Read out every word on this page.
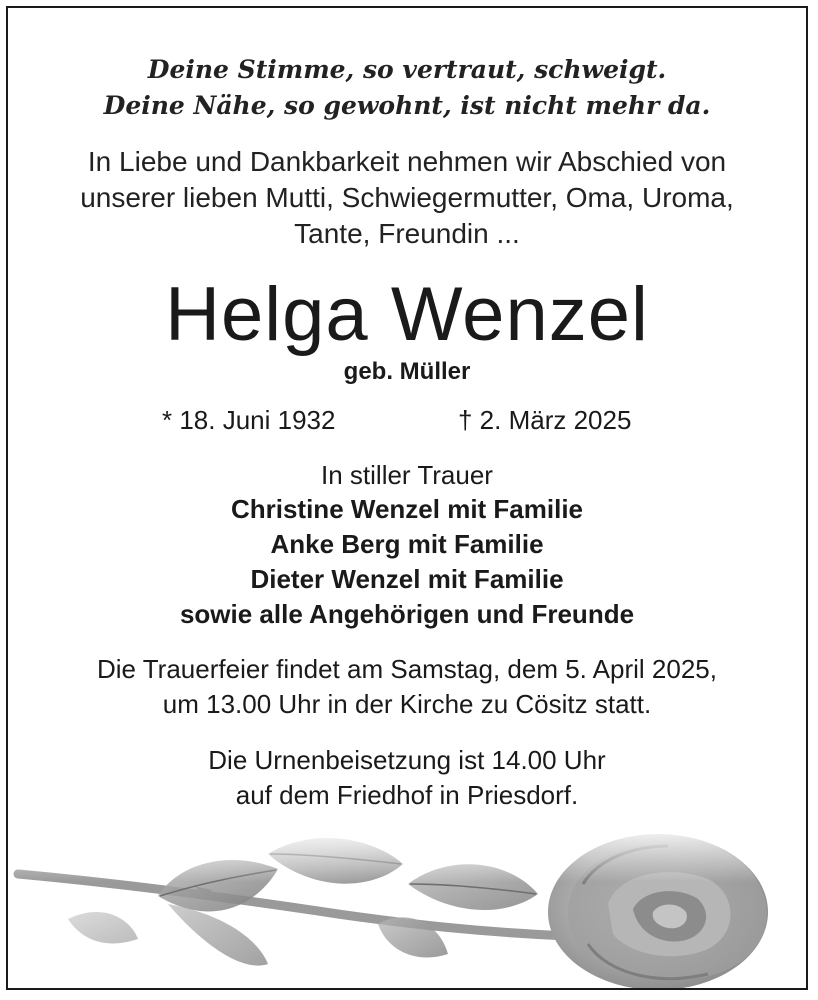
Deine Stimme, so vertraut, schweigt.
Deine Nähe, so gewohnt, ist nicht mehr da.
In Liebe und Dankbarkeit nehmen wir Abschied von
unserer lieben Mutti, Schwiegermutter, Oma, Uroma,
Tante, Freundin ...
Helga Wenzel
geb. Müller
* 18. Juni 1932	† 2. März 2025
In stiller Trauer
Christine Wenzel mit Familie
Anke Berg mit Familie
Dieter Wenzel mit Familie
sowie alle Angehörigen und Freunde
Die Trauerfeier findet am Samstag, dem 5. April 2025,
um 13.00 Uhr in der Kirche zu Cösitz statt.
Die Urnenbeisetzung ist 14.00 Uhr
auf dem Friedhof in Priesdorf.
